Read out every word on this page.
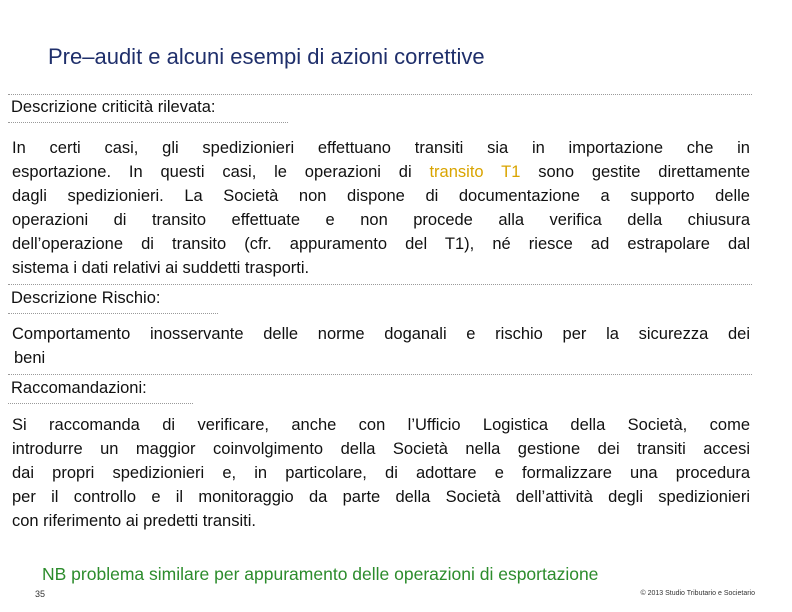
Pre–audit e alcuni esempi di azioni correttive
Descrizione criticità rilevata:
In certi casi, gli spedizionieri effettuano transiti sia in importazione che in
esportazione. In questi casi, le operazioni di transito T1 sono gestite direttamente
dagli spedizionieri. La Società non dispone di documentazione a supporto delle
operazioni di transito effettuate e non procede alla verifica della chiusura
dell’operazione di transito (cfr. appuramento del T1), né riesce ad estrapolare dal
sistema i dati relativi ai suddetti trasporti.
Descrizione Rischio:
Comportamento inosservante delle norme doganali e rischio per la sicurezza dei
beni
Raccomandazioni:
Si raccomanda di verificare, anche con l’Ufficio Logistica della Società, come
introdurre un maggior coinvolgimento della Società nella gestione dei transiti accesi
dai propri spedizionieri e, in particolare, di adottare e formalizzare una procedura
per il controllo e il monitoraggio da parte della Società dell’attività degli spedizionieri
con riferimento ai predetti transiti.
NB problema similare per appuramento delle operazioni di esportazione
35	© 2013 Studio Tributario e Societario
